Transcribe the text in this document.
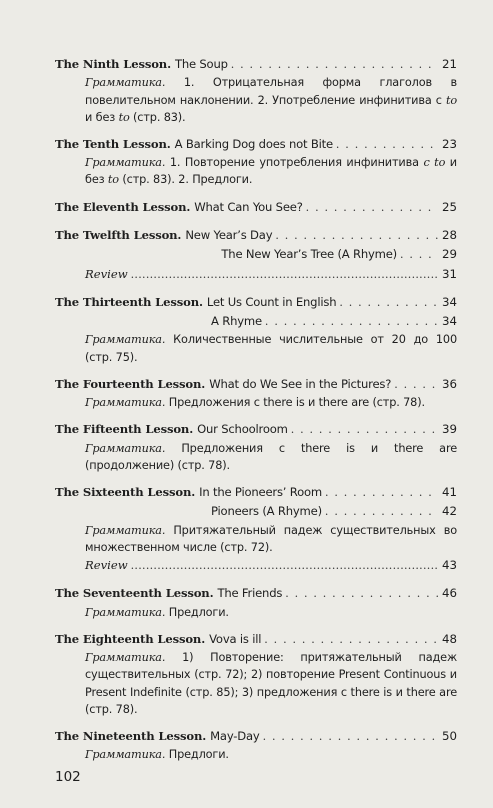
The Ninth Lesson. The Soup . . .	21
Грамматика. 1. Отрицательная форма глаголов в повелительном наклонении. 2. Употребление инфинитива с to и без to (стр. 83).
The Tenth Lesson. A Barking Dog does not Bite . . .	23
Грамматика. 1. Повторение употребления инфинитива с to и без to (стр. 83). 2. Предлоги.
The Eleventh Lesson. What Can You See? . . .	25
The Twelfth Lesson. New Year’s Day . . .	28
The New Year’s Tree (A Rhyme) . . .	29
Review .....	31
The Thirteenth Lesson. Let Us Count in English . . .	34
A Rhyme . . .	34
Грамматика. Количественные числительные от 20 до 100 (стр. 75).
The Fourteenth Lesson. What do We See in the Pictures? . . .	36
Грамматика. Предложения с there is и there are (стр. 78).
The Fifteenth Lesson. Our Schoolroom . . .	39
Грамматика. Предложения с there is и there are (продолжение) (стр. 78).
The Sixteenth Lesson. In the Pioneers’ Room . . .	41
Pioneers (A Rhyme) . . .	42
Грамматика. Притяжательный падеж существительных во множественном числе (стр. 72).
Review .....	43
The Seventeenth Lesson. The Friends . . .	46
Грамматика. Предлоги.
The Eighteenth Lesson. Vova is ill . . .	48
Грамматика. 1) Повторение: притяжательный падеж существительных (стр. 72); 2) повторение Present Continuous и Present Indefinite (стр. 85); 3) предложения с there is и there are (стр. 78).
The Nineteenth Lesson. May-Day . . .	50
Грамматика. Предлоги.
102
